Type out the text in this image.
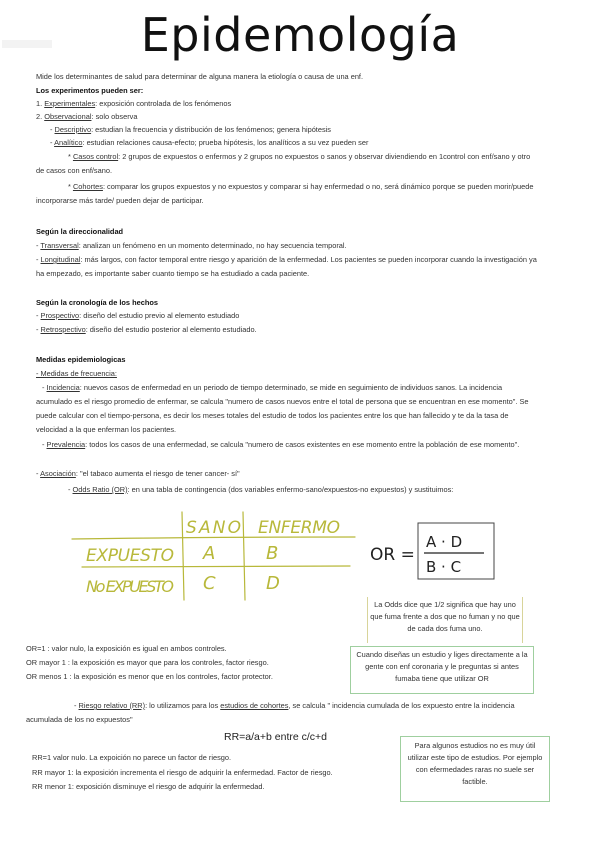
Epidemología
Mide los determinantes de salud para determinar de alguna manera la etiología o causa de una enf.
Los experimentos pueden ser:
1. Experimentales: exposición controlada de los fenómenos
2. Observacional: solo observa
- Descriptivo: estudian la frecuencia y distribución de los fenómenos; genera hipótesis
- Analítico: estudian relaciones causa-efecto; prueba hipótesis, los analíticos a su vez pueden ser
* Casos control: 2 grupos de expuestos o enfermos y 2 grupos no expuestos o sanos y observar diviendiendo en 1control con enf/sano y otro
de casos con enf/sano.
* Cohortes: comparar los grupos expuestos y no expuestos y comparar si hay enfermedad o no, será dinámico porque se pueden morir/puede
incorporarse más tarde/ pueden dejar de participar.
Según la direccionalidad
- Transversal: analizan un fenómeno en un momento determinado, no hay secuencia temporal.
- Longitudinal: más largos, con factor temporal entre riesgo y aparición de la enfermedad. Los pacientes se pueden incorporar cuando la investigación ya
ha empezado, es importante saber cuanto tiempo se ha estudiado a cada paciente.
Según la cronología de los hechos
- Prospectivo: diseño del estudio previo al elemento estudiado
- Retrospectivo: diseño del estudio posterior al elemento estudiado.
Medidas epidemiologicas
- Medidas de frecuencia:
- Incidencia: nuevos casos de enfermedad en un periodo de tiempo determinado, se mide en seguimiento de individuos sanos. La incidencia
acumulado es el riesgo promedio de enfermar, se calcula "numero de casos nuevos entre el total de persona que se encuentran en ese momento". Se
puede calcular con el tiempo-persona, es decir los meses totales del estudio de todos los pacientes entre los que han fallecido y te da la tasa de
velocidad a la que enferman los pacientes.
- Prevalencia: todos los casos de una enfermedad, se calcula "numero de casos existentes en ese momento entre la población de ese momento".
- Asociación: "el tabaco aumenta el riesgo de tener cancer- sí"
- Odds Ratio (OR): en una tabla de contingencia (dos variables enfermo-sano/expuestos-no expuestos) y sustituimos:
SANO ENFERMO
EXPUESTO
No EXPUESTO
A	B
C	D
OR =
A · D
B · C
La Odds dice que 1/2 significa que hay uno que fuma frente a dos que no fuman y no que de cada dos fuma uno.
Cuando diseñas un estudio y liges directamente a la gente con enf coronaria y le preguntas si antes fumaba tiene que utilizar OR
OR=1 : valor nulo, la exposición es igual en ambos controles.
OR mayor 1 : la exposición es mayor que para los controles, factor riesgo.
OR menos 1 : la exposición es menor que en los controles, factor protector.
- Riesgo relativo (RR): lo utilizamos para los estudios de cohortes, se calcula " incidencia cumulada de los expuesto entre la incidencia
acumulada de los no expuestos"
RR=a/a+b entre c/c+d
RR=1 valor nulo. La expoición no parece un factor de riesgo.
RR mayor 1: la exposición incrementa el riesgo de adquirir la enfermedad. Factor de riesgo.
RR menor 1: exposición disminuye el riesgo de adquirir la enfermedad.
Para algunos estudios no es muy útil utilizar este tipo de estudios. Por ejemplo con efermedades raras no suele ser factible.
